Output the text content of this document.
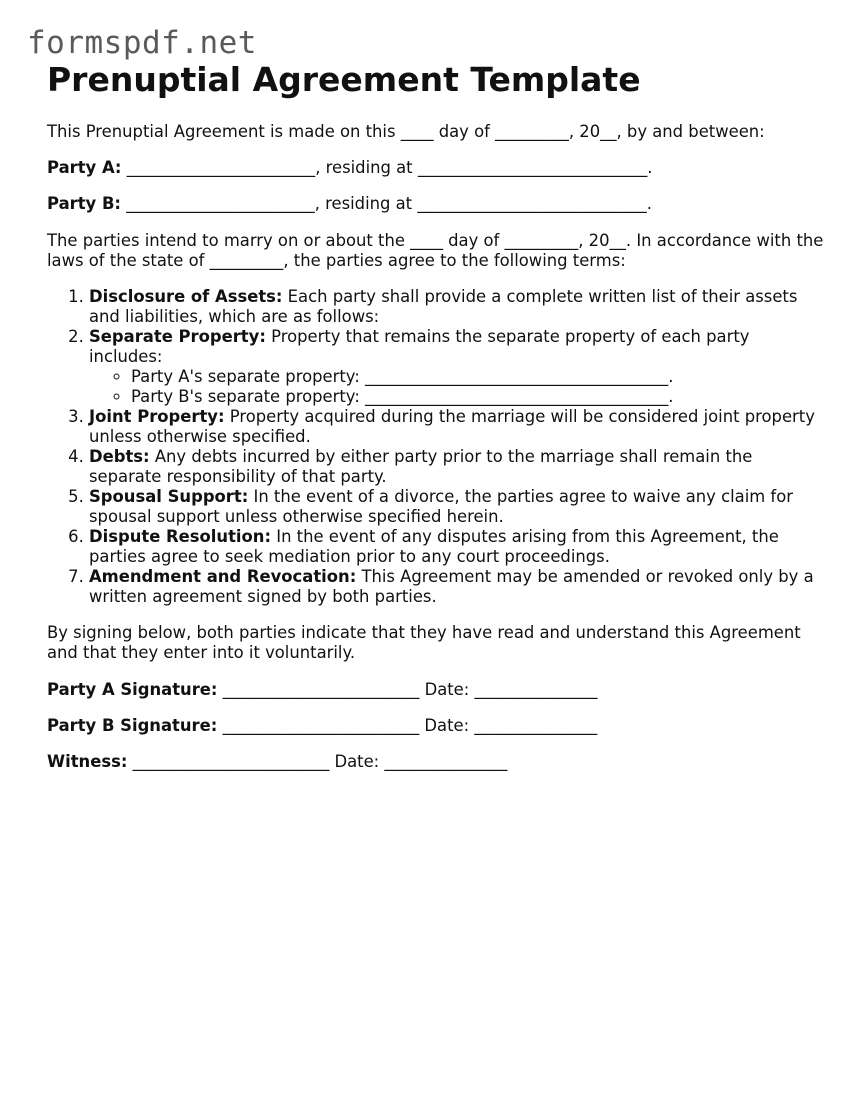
formspdf.net
Prenuptial Agreement Template

This Prenuptial Agreement is made on this ____ day of _________, 20__, by and between:

Party A: _______________________, residing at ____________________________.

Party B: _______________________, residing at ____________________________.

The parties intend to marry on or about the ____ day of _________, 20__. In accordance with the laws of the state of _________, the parties agree to the following terms:

1. Disclosure of Assets: Each party shall provide a complete written list of their assets and liabilities, which are as follows:
2. Separate Property: Property that remains the separate property of each party includes:
◦ Party A's separate property: _____________________________________.
◦ Party B's separate property: _____________________________________.
3. Joint Property: Property acquired during the marriage will be considered joint property unless otherwise specified.
4. Debts: Any debts incurred by either party prior to the marriage shall remain the separate responsibility of that party.
5. Spousal Support: In the event of a divorce, the parties agree to waive any claim for spousal support unless otherwise specified herein.
6. Dispute Resolution: In the event of any disputes arising from this Agreement, the parties agree to seek mediation prior to any court proceedings.
7. Amendment and Revocation: This Agreement may be amended or revoked only by a written agreement signed by both parties.

By signing below, both parties indicate that they have read and understand this Agreement and that they enter into it voluntarily.

Party A Signature: ________________________ Date: _______________

Party B Signature: ________________________ Date: _______________

Witness: ________________________ Date: _______________
